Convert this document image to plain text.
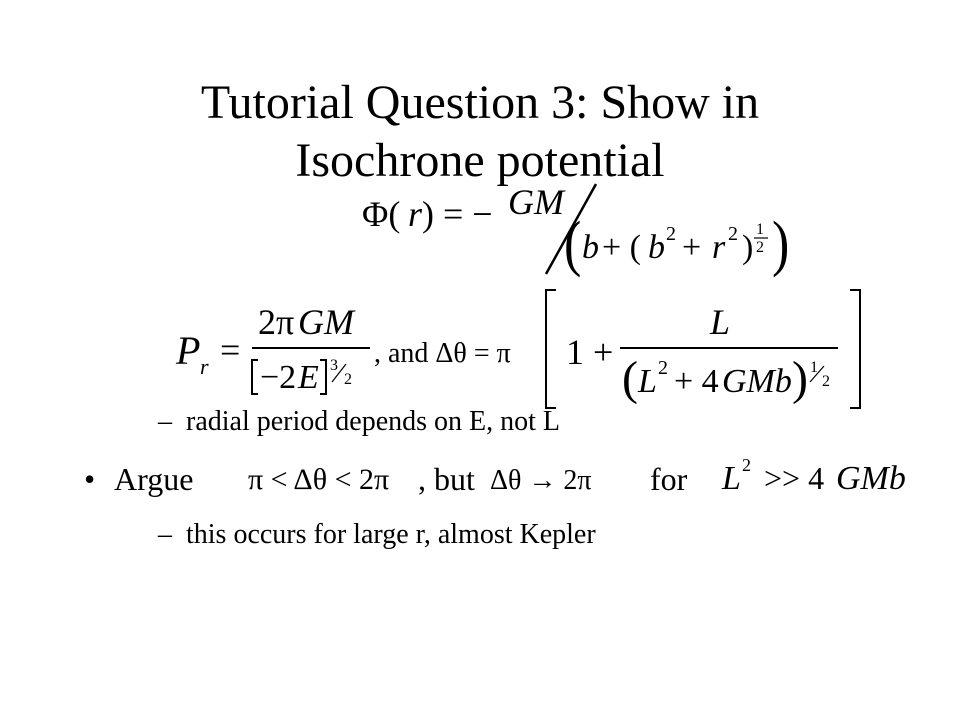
Tutorial Question 3: Show in
Isochrone potential
Φ( r ) = − GM
( b + ( b 2 + r 2 ) 1
2 )
P r =
2π GM
−2 E 3
2
, and Δθ = π 1 +
L
( L 2 + 4 GMb ) 1
2
– radial period depends on E, not L
• Argue π < Δθ < 2π , but Δθ → 2π for L 2 >> 4 GMb
– this occurs for large r, almost Kepler
